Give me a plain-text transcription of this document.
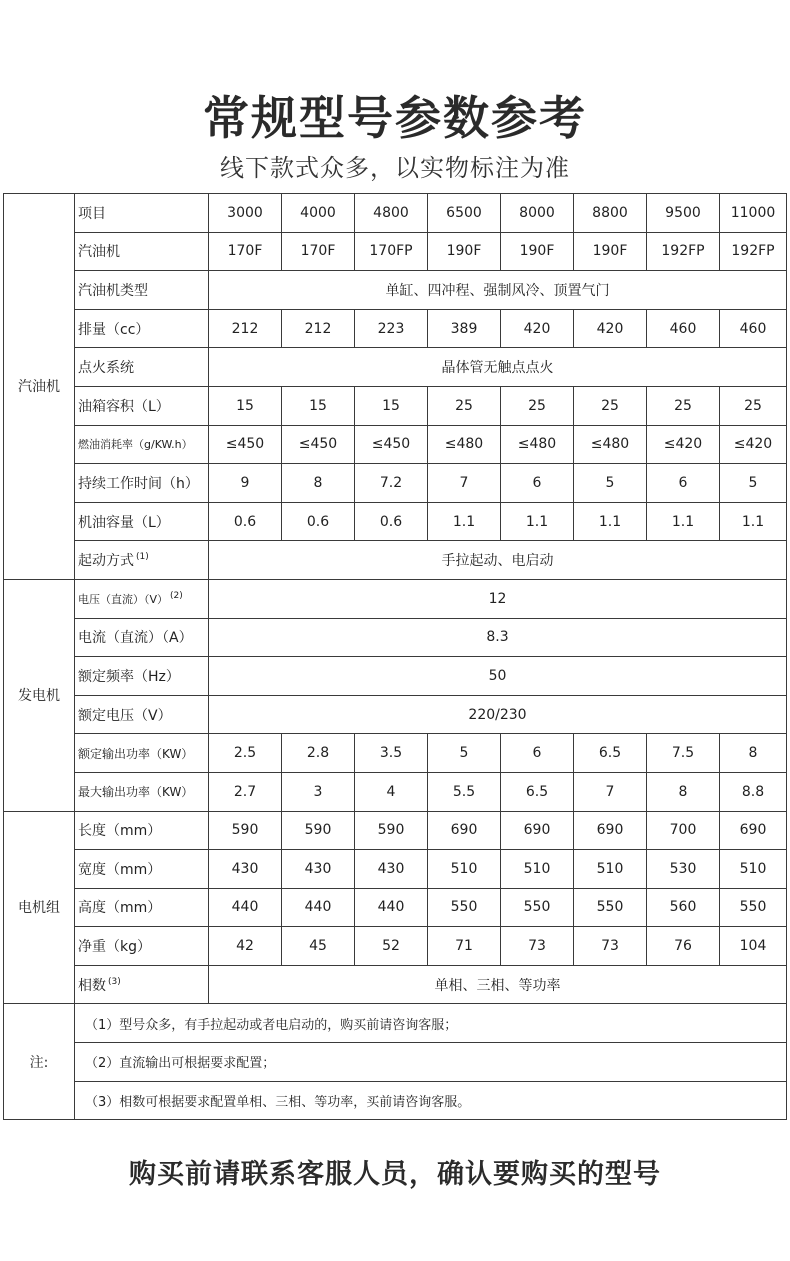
常规型号参数参考
线下款式众多，以实物标注为准
汽油机	项目	3000	4000	4800	6500	8000	8800	9500	11000
	汽油机	170F	170F	170FP	190F	190F	190F	192FP	192FP
	汽油机类型	单缸、四冲程、强制风冷、顶置气门							
	排量（cc）	212	212	223	389	420	420	460	460
	点火系统	晶体管无触点点火							
	油箱容积（L）	15	15	15	25	25	25	25	25
	燃油消耗率（g/KW.h）	≤450	≤450	≤450	≤480	≤480	≤480	≤420	≤420
	持续工作时间（h）	9	8	7.2	7	6	5	6	5
	机油容量（L）	0.6	0.6	0.6	1.1	1.1	1.1	1.1	1.1
	起动方式 $^{(1)}$	手拉起动、电启动							
发电机	电压（直流）（V） $^{(2)}$	12							
	电流（直流）（A）	8.3							
	额定频率（Hz）	50							
	额定电压（V）	220/230							
	额定输出功率（KW）	2.5	2.8	3.5	5	6	6.5	7.5	8
	最大输出功率（KW）	2.7	3	4	5.5	6.5	7	8	8.8
电机组	长度（mm）	590	590	590	690	690	690	700	690
	宽度（mm）	430	430	430	510	510	510	530	510
	高度（mm）	440	440	440	550	550	550	560	550
	净重（kg）	42	45	52	71	73	73	76	104
	相数 $^{(3)}$	单相、三相、等功率							
注:	（1）型号众多，有手拉起动或者电启动的，购买前请咨询客服；								
	（2）直流输出可根据要求配置；								
	（3）相数可根据要求配置单相、三相、等功率，买前请咨询客服。								
购买前请联系客服人员，确认要购买的型号
